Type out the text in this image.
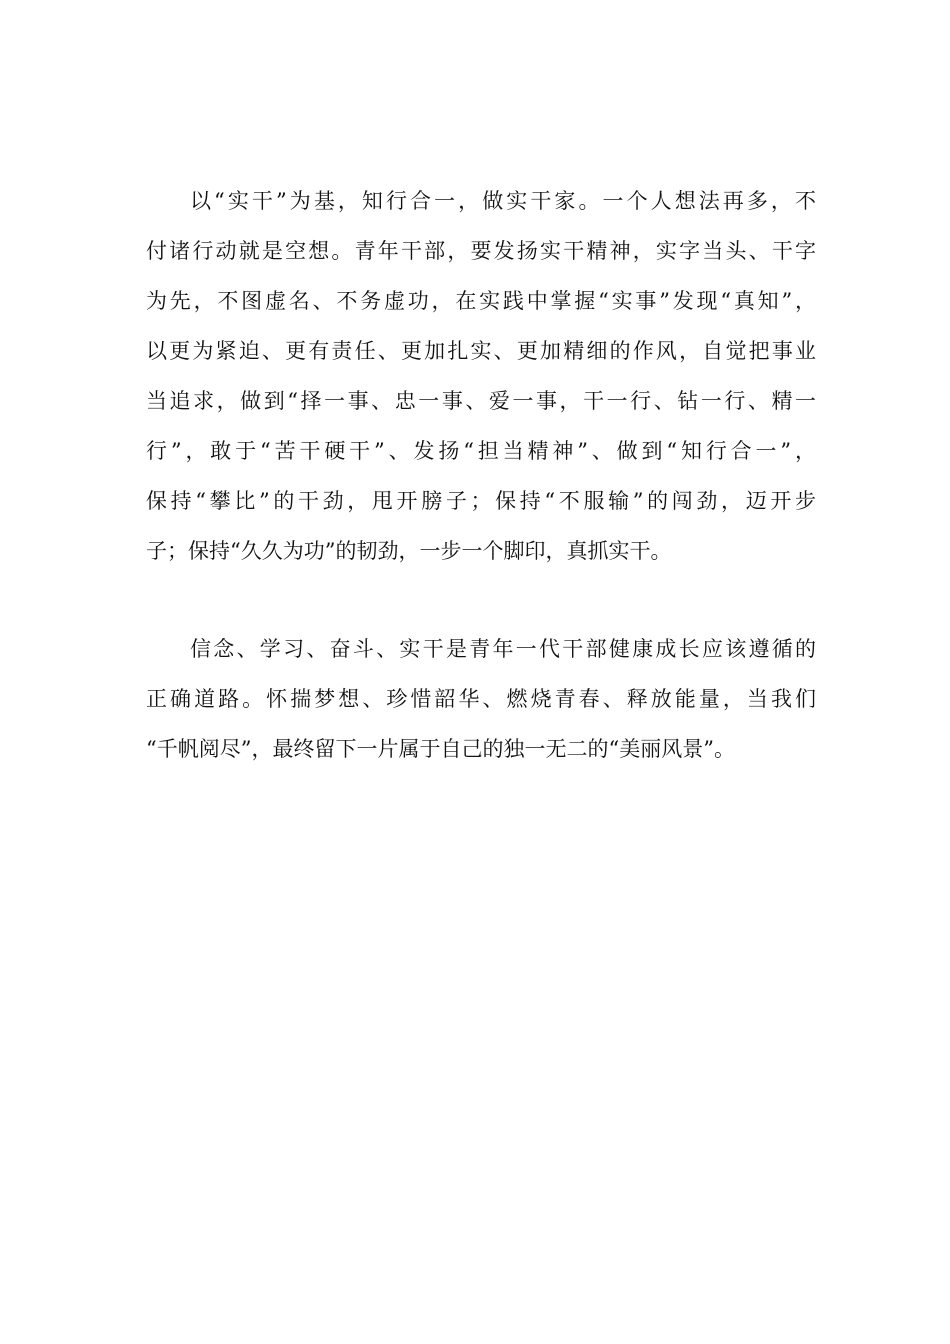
以“实干”为基，知行合一，做实干家。一个人想法再多，不
付诸行动就是空想。青年干部，要发扬实干精神，实字当头、干字
为先，不图虚名、不务虚功，在实践中掌握“实事”发现“真知”，
以更为紧迫、更有责任、更加扎实、更加精细的作风，自觉把事业
当追求，做到“择一事、忠一事、爱一事，干一行、钻一行、精一
行”，敢于“苦干硬干”、发扬“担当精神”、做到“知行合一”，
保持“攀比”的干劲，甩开膀子；保持“不服输”的闯劲，迈开步
子；保持“久久为功”的韧劲，一步一个脚印，真抓实干。
信念、学习、奋斗、实干是青年一代干部健康成长应该遵循的
正确道路。怀揣梦想、珍惜韶华、燃烧青春、释放能量，当我们
“千帆阅尽”，最终留下一片属于自己的独一无二的“美丽风景”。
